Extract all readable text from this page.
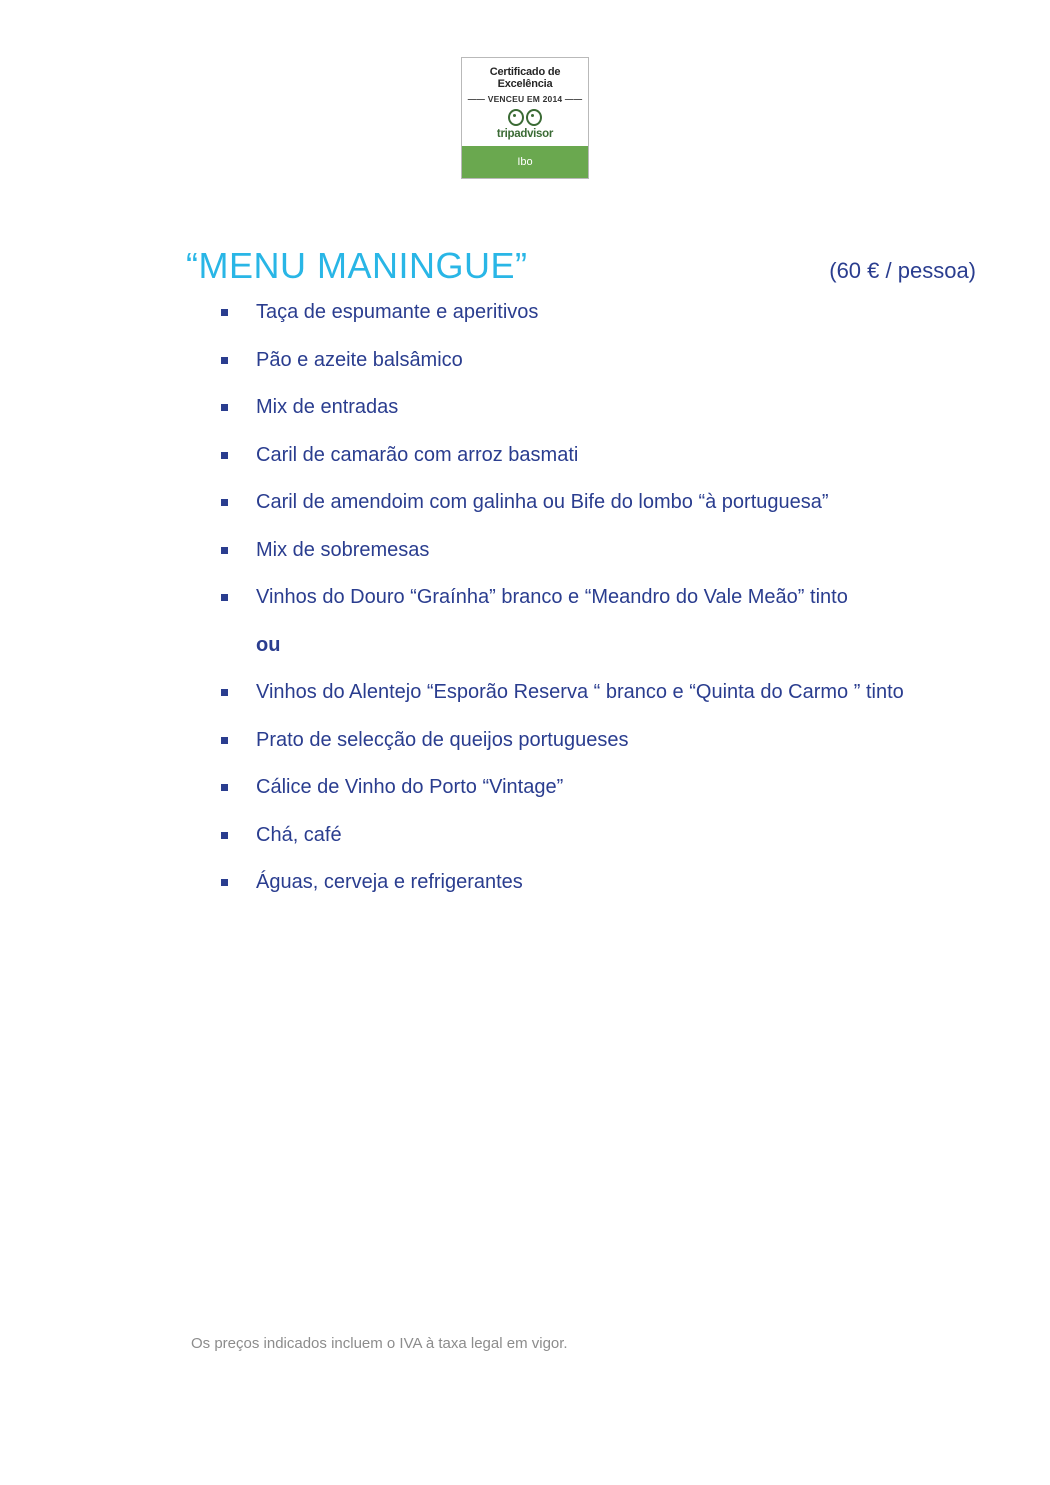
Certificado de Excelência
—— VENCEU EM 2014 ——
tripadvisor
Ibo
“MENU MANINGUE”	(60 € / pessoa)
Taça de espumante e aperitivos
Pão e azeite balsâmico
Mix de entradas
Caril de camarão com arroz basmati
Caril de amendoim com galinha ou Bife do lombo “à portuguesa”
Mix de sobremesas
Vinhos do Douro “Graínha” branco e “Meandro do Vale Meão” tinto
ou
Vinhos do Alentejo “Esporão Reserva “ branco e “Quinta do Carmo ” tinto
Prato de selecção de queijos portugueses
Cálice de Vinho do Porto “Vintage”
Chá, café
Águas, cerveja e refrigerantes
Os preços indicados incluem o IVA à taxa legal em vigor.
